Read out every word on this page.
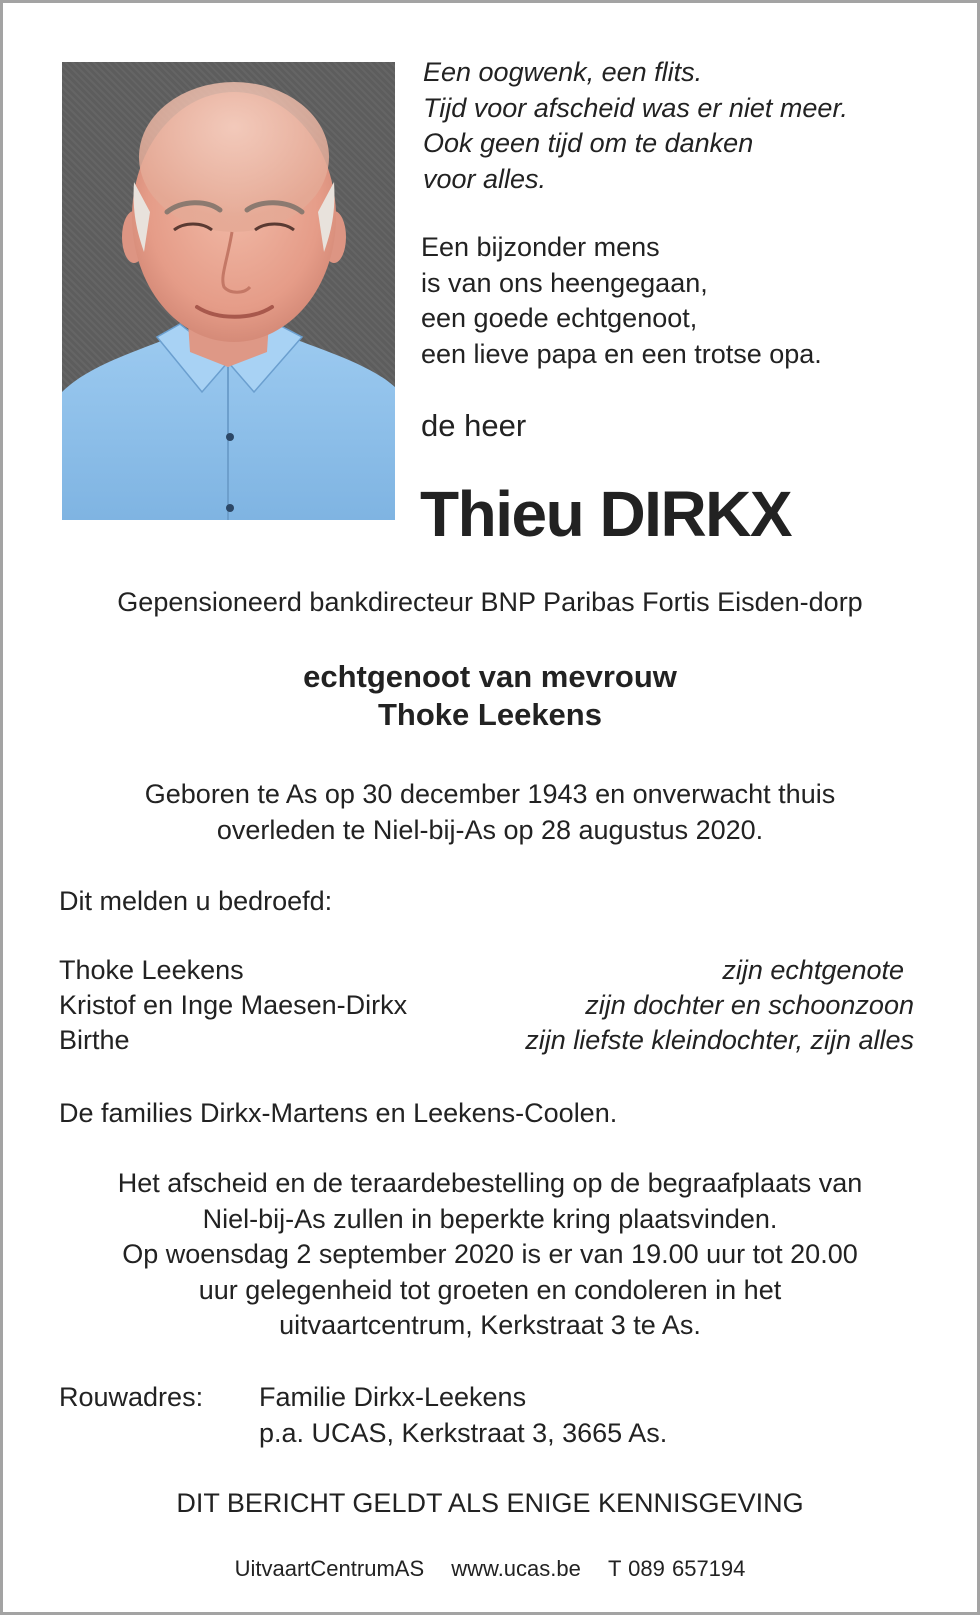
Een oogwenk, een flits.
Tijd voor afscheid was er niet meer.
Ook geen tijd om te danken
voor alles.
Een bijzonder mens
is van ons heengegaan,
een goede echtgenoot,
een lieve papa en een trotse opa.
de heer
Thieu DIRKX
Gepensioneerd bankdirecteur BNP Paribas Fortis Eisden-dorp
echtgenoot van mevrouw
Thoke Leekens
Geboren te As op 30 december 1943 en onverwacht thuis
overleden te Niel-bij-As op 28 augustus 2020.
Dit melden u bedroefd:
Thoke Leekens	zijn echtgenote
Kristof en Inge Maesen-Dirkx	zijn dochter en schoonzoon
Birthe	zijn liefste kleindochter, zijn alles
De families Dirkx-Martens en Leekens-Coolen.
Het afscheid en de teraardebestelling op de begraafplaats van
Niel-bij-As zullen in beperkte kring plaatsvinden.
Op woensdag 2 september 2020 is er van 19.00 uur tot 20.00
uur gelegenheid tot groeten en condoleren in het
uitvaartcentrum, Kerkstraat 3 te As.
Rouwadres: Familie Dirkx-Leekens
p.a. UCAS, Kerkstraat 3, 3665 As.
DIT BERICHT GELDT ALS ENIGE KENNISGEVING
UitvaartCentrumAS www.ucas.be T 089 657194
